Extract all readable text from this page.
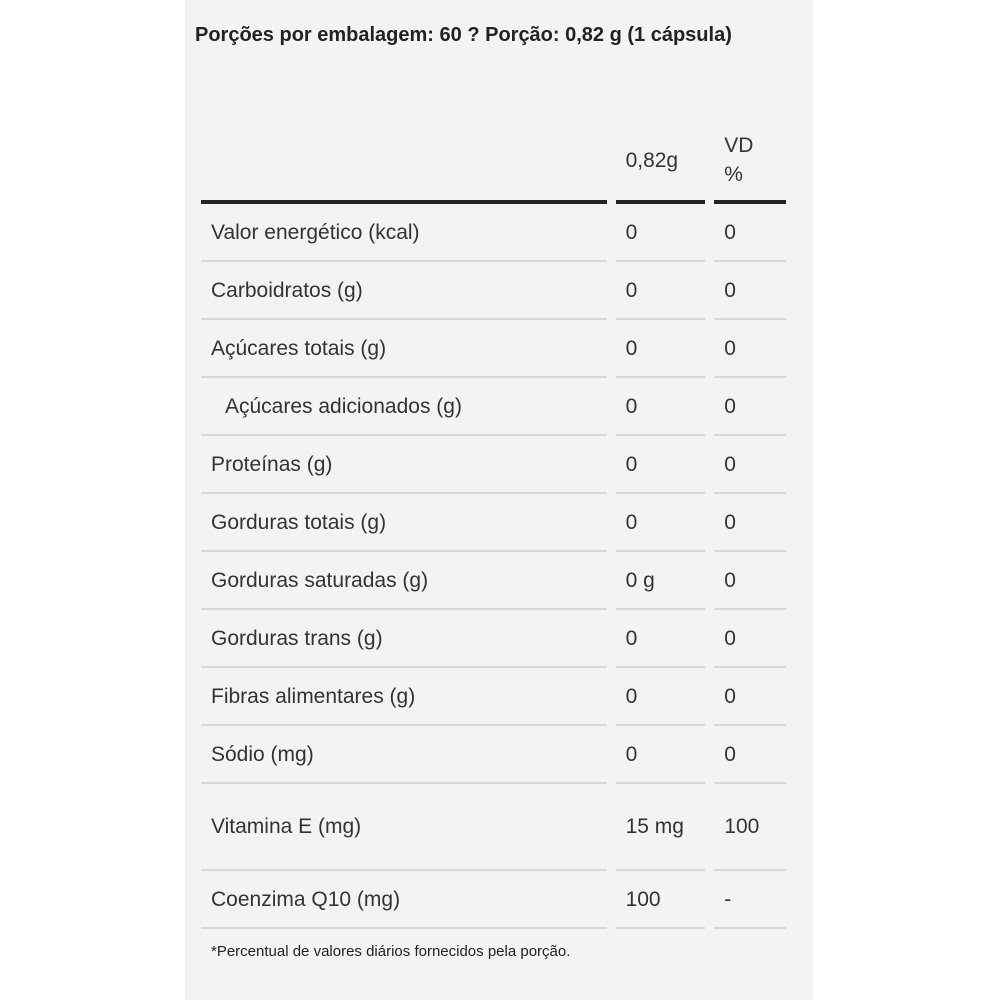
Porções por embalagem: 60 ? Porção: 0,82 g (1 cápsula)
	0,82g	VD
%
Valor energético (kcal)	0	0
Carboidratos (g)	0	0
Açúcares totais (g)	0	0
Açúcares adicionados (g)	0	0
Proteínas (g)	0	0
Gorduras totais (g)	0	0
Gorduras saturadas (g)	0 g	0
Gorduras trans (g)	0	0
Fibras alimentares (g)	0	0
Sódio (mg)	0	0
Vitamina E (mg)	15 mg	100
Coenzima Q10 (mg)	100	-
*Percentual de valores diários fornecidos pela porção.
